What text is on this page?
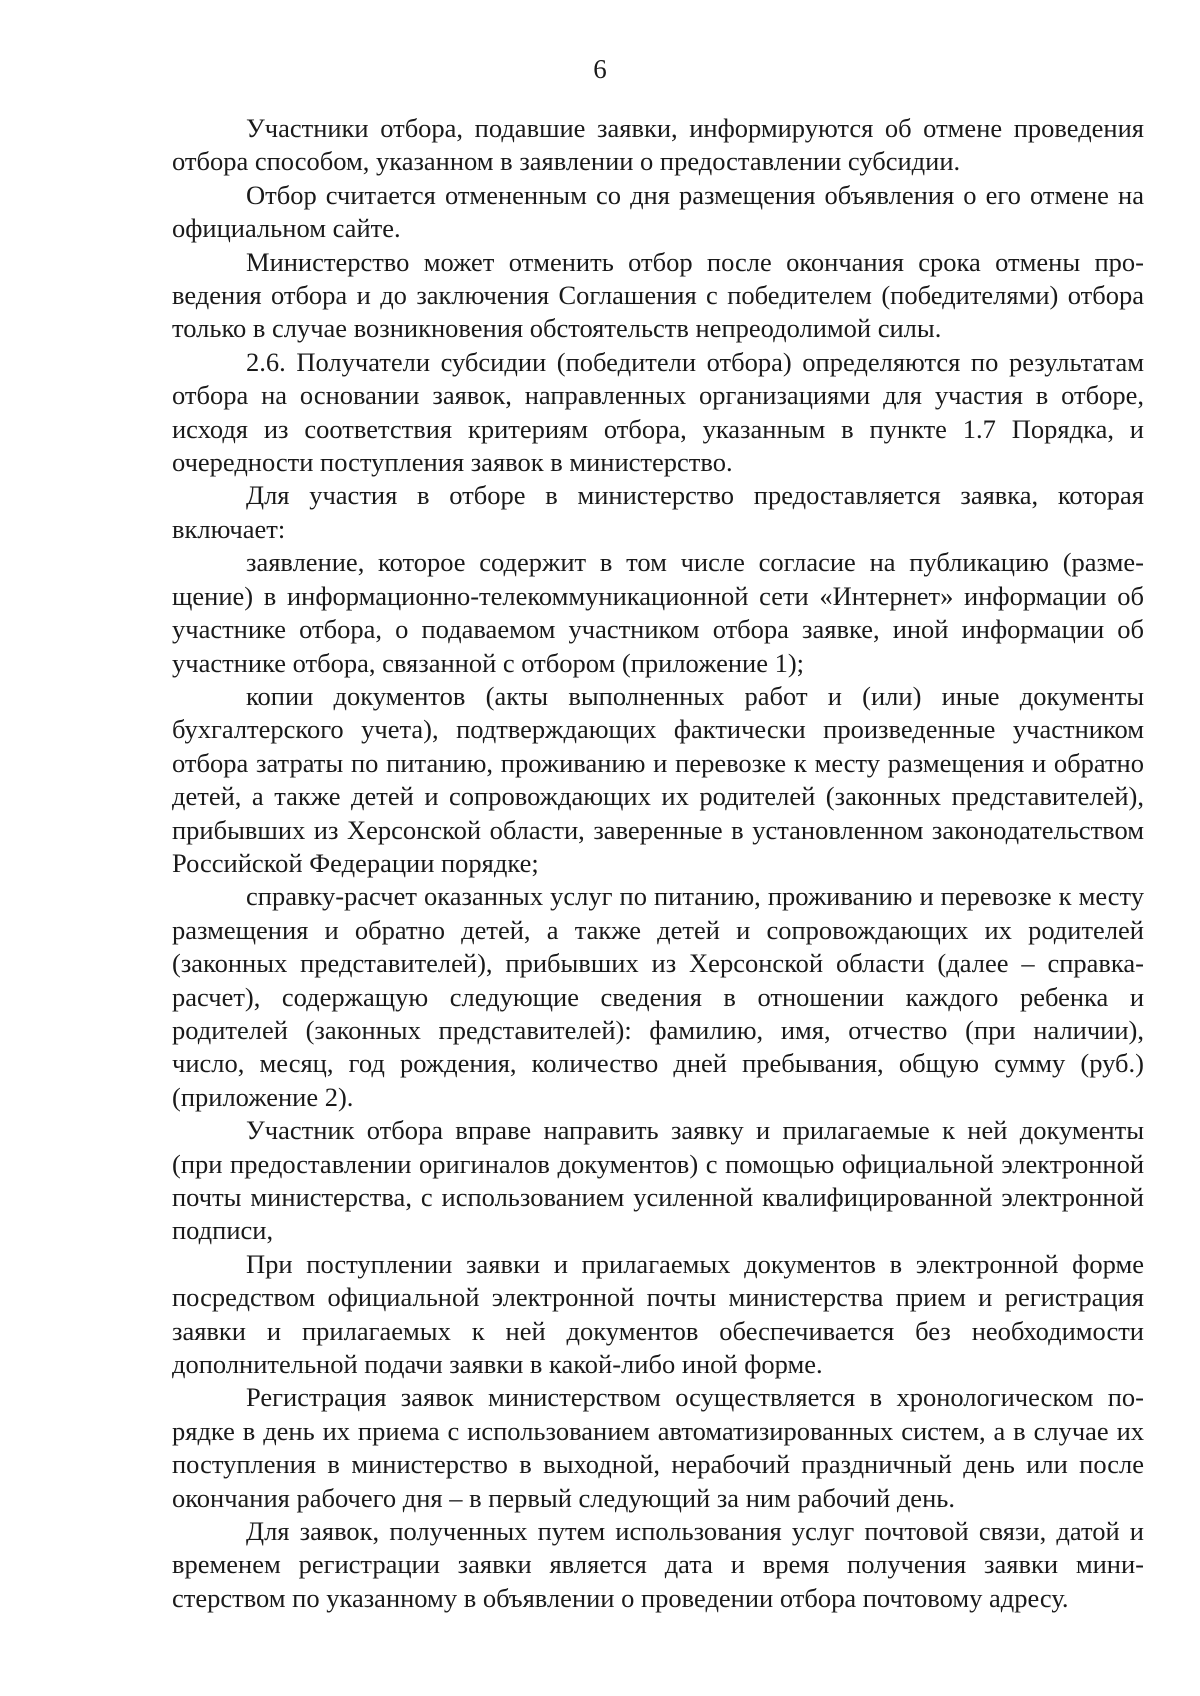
6

Участники отбора, подавшие заявки, информируются об отмене проведения отбора способом, указанном в заявлении о предоставлении субсидии.

Отбор считается отмененным со дня размещения объявления о его отмене на официальном сайте.

Министерство может отменить отбор после окончания срока отмены проведения отбора и до заключения Соглашения с победителем (победителями) отбора только в случае возникновения обстоятельств непреодолимой силы.

2.6. Получатели субсидии (победители отбора) определяются по результатам отбора на основании заявок, направленных организациями для участия в отборе, исходя из соответствия критериям отбора, указанным в пункте 1.7 Порядка, и очередности поступления заявок в министерство.

Для участия в отборе в министерство предоставляется заявка, которая включает:

заявление, которое содержит в том числе согласие на публикацию (размещение) в информационно-телекоммуникационной сети «Интернет» информации об участнике отбора, о подаваемом участником отбора заявке, иной информации об участнике отбора, связанной с отбором (приложение 1);

копии документов (акты выполненных работ и (или) иные документы бухгалтерского учета), подтверждающих фактически произведенные участником отбора затраты по питанию, проживанию и перевозке к месту размещения и обратно детей, а также детей и сопровождающих их родителей (законных представителей), прибывших из Херсонской области, заверенные в установленном законодательством Российской Федерации порядке;

справку-расчет оказанных услуг по питанию, проживанию и перевозке к месту размещения и обратно детей, а также детей и сопровождающих их родителей (законных представителей), прибывших из Херсонской области (далее – справка-расчет), содержащую следующие сведения в отношении каждого ребенка и родителей (законных представителей): фамилию, имя, отчество (при наличии), число, месяц, год рождения, количество дней пребывания, общую сумму (руб.) (приложение 2).

Участник отбора вправе направить заявку и прилагаемые к ней документы (при предоставлении оригиналов документов) с помощью официальной электронной почты министерства, с использованием усиленной квалифицированной электронной подписи,

При поступлении заявки и прилагаемых документов в электронной форме посредством официальной электронной почты министерства прием и регистрация заявки и прилагаемых к ней документов обеспечивается без необходимости дополнительной подачи заявки в какой-либо иной форме.

Регистрация заявок министерством осуществляется в хронологическом порядке в день их приема с использованием автоматизированных систем, а в случае их поступления в министерство в выходной, нерабочий праздничный день или после окончания рабочего дня – в первый следующий за ним рабочий день.

Для заявок, полученных путем использования услуг почтовой связи, датой и временем регистрации заявки является дата и время получения заявки министерством по указанному в объявлении о проведении отбора почтовому адресу.
